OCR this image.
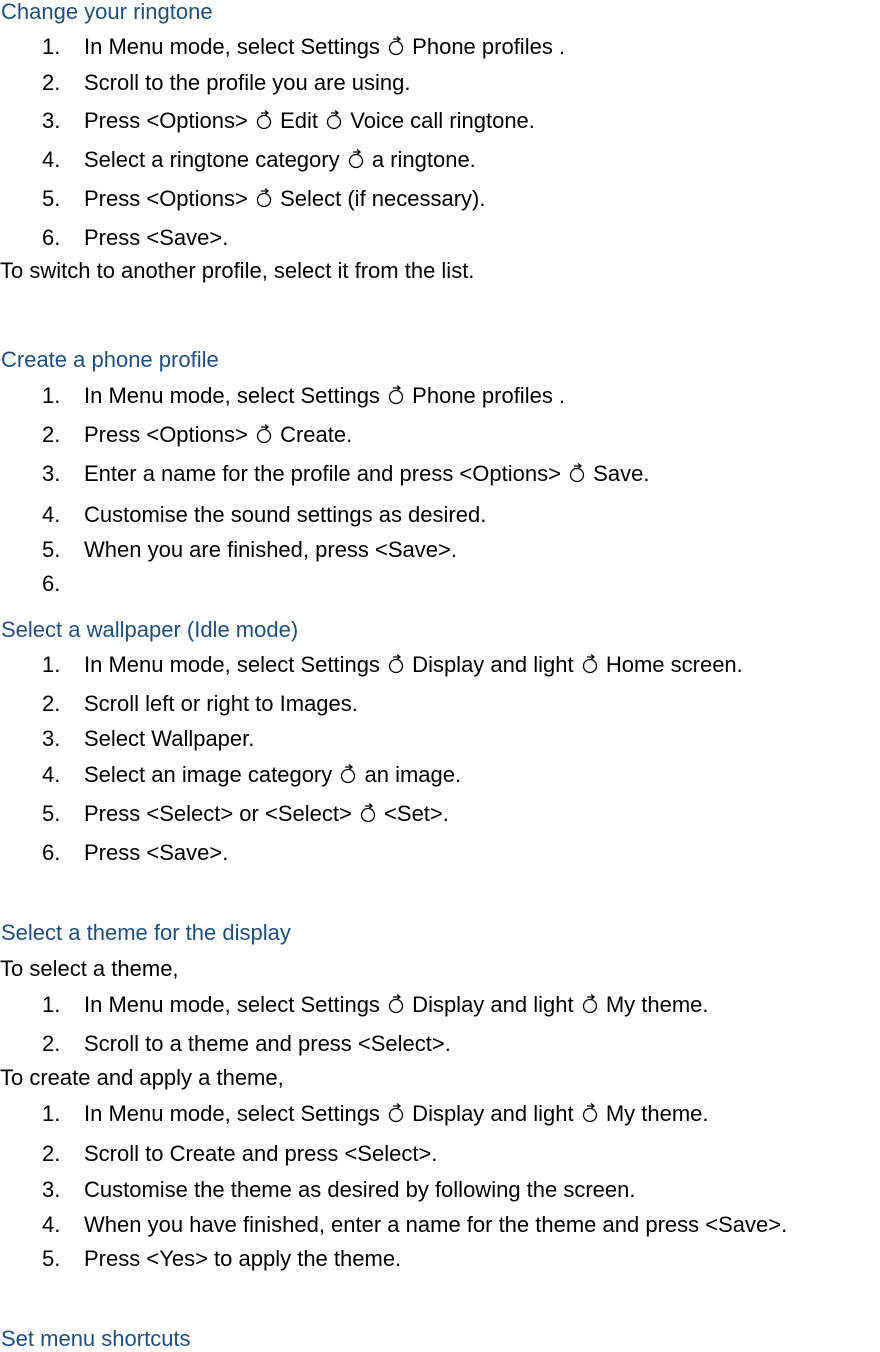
Change your ringtone
1. In Menu mode, select Settings
Phone profiles .
2. Scroll to the profile you are using.
3. Press <Options>
Edit
Voice call ringtone.
4. Select a ringtone category
a ringtone.
5. Press <Options>
Select (if necessary).
6. Press <Save>.

To switch to another profile, select it from the list.

Create a phone profile
1. In Menu mode, select Settings
Phone profiles .
2. Press <Options>
Create.
3. Enter a name for the profile and press <Options>
Save.
4. Customise the sound settings as desired.
5. When you are finished, press <Save>.
6.
Select a wallpaper (Idle mode)
1. In Menu mode, select Settings
Display and light
Home screen.
2. Scroll left or right to Images.
3. Select Wallpaper.
4. Select an image category
an image.
5. Press <Select> or <Select>
<Set>.
6. Press <Save>.
Select a theme for the display

To select a theme,

1. In Menu mode, select Settings
Display and light
My theme.
2. Scroll to a theme and press <Select>.

To create and apply a theme,

1. In Menu mode, select Settings
Display and light
My theme.
2. Scroll to Create and press <Select>.
3. Customise the theme as desired by following the screen.
4. When you have finished, enter a name for the theme and press <Save>.
5. Press <Yes> to apply the theme.
Set menu shortcuts
